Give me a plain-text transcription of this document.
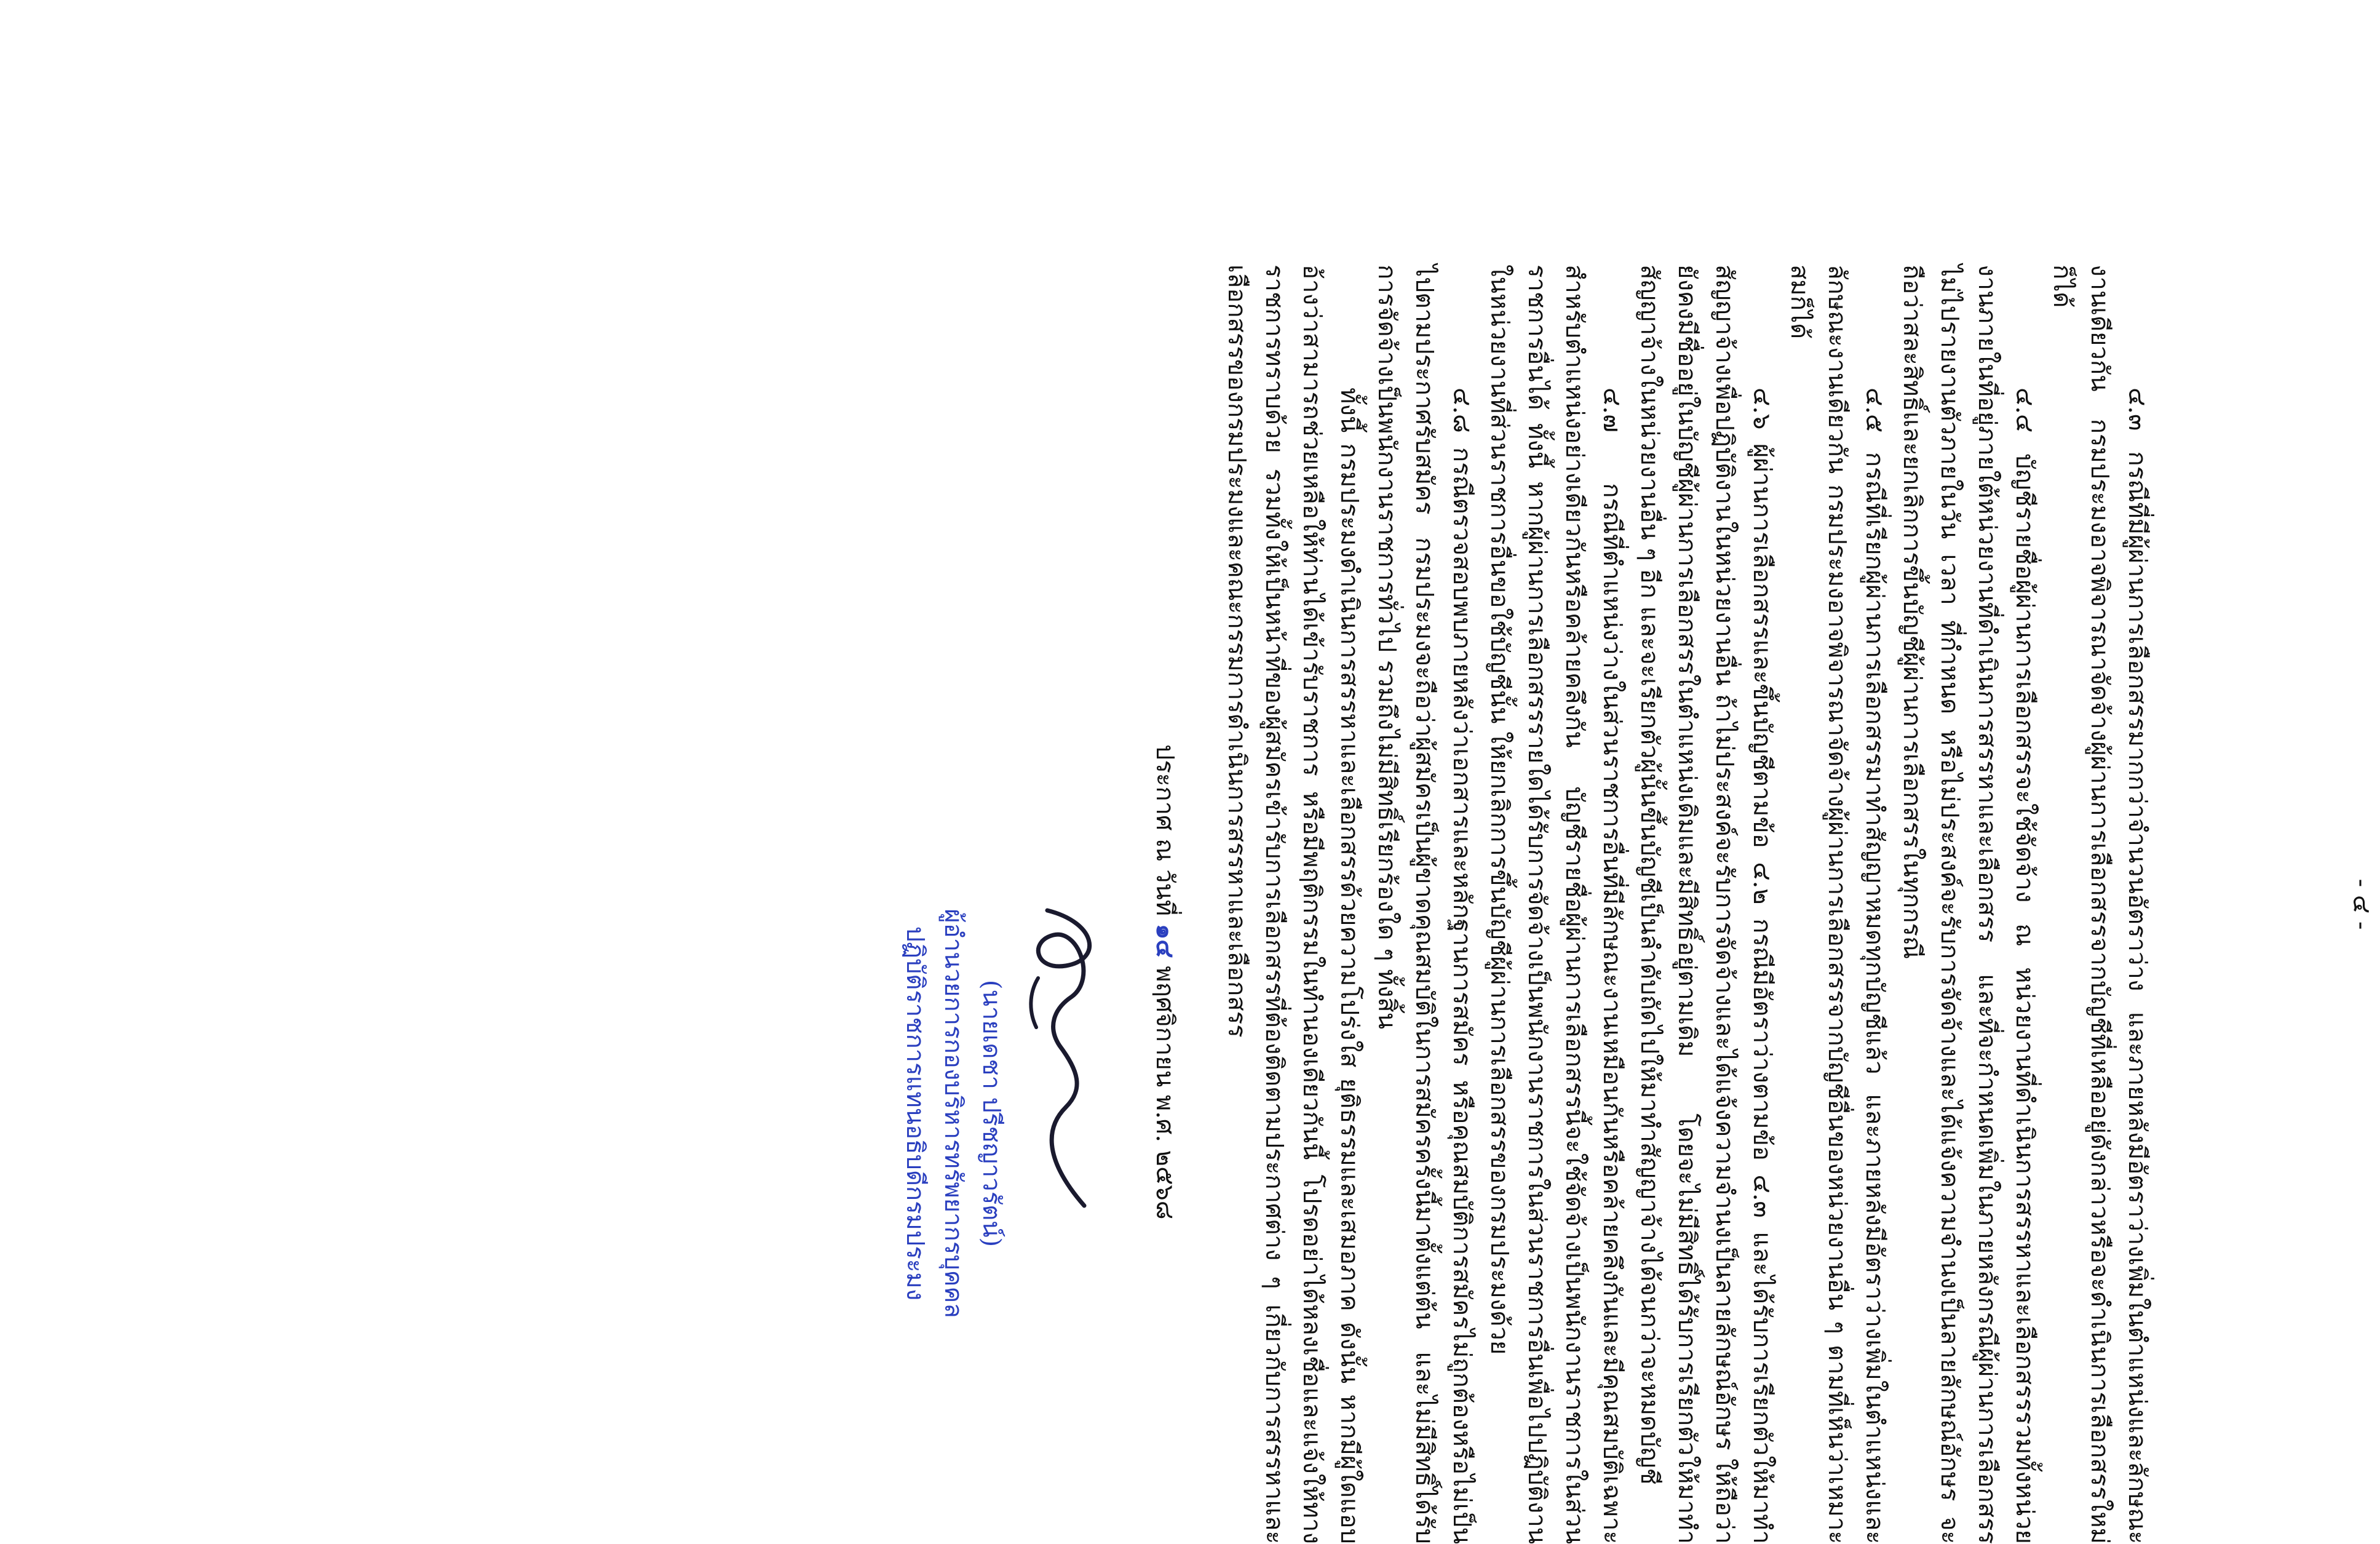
- ๔ -

๔.๓ กรณีที่มีผู้ผ่านการเลือกสรรมากกว่าจำนวนอัตราว่าง และภายหลังมีอัตราว่างเพิ่มในตำแหน่งและลักษณะงานเดียวกัน กรมประมงอาจพิจารณาจัดจ้างผู้ผ่านการเลือกสรรจากบัญชีที่เหลืออยู่ดังกล่าวหรือจะดำเนินการเลือกสรรใหม่ก็ได้

๔.๔ บัญชีรายชื่อผู้ผ่านการเลือกสรรจะใช้จัดจ้าง ณ หน่วยงานที่ดำเนินการสรรหาและเลือกสรรรวมทั้งหน่วยงานภายในที่อยู่ภายใต้หน่วยงานที่ดำเนินการสรรหาและเลือกสรร และที่จะกำหนดเพิ่มในภายหลังกรณีผู้ผ่านการเลือกสรรไม่ไปรายงานตัวภายในวัน เวลา ที่กำหนด หรือไม่ประสงค์จะรับการจัดจ้างและได้แจ้งความจำนงเป็นลายลักษณ์อักษร จะถือว่าสละสิทธิ์และยกเลิกการขึ้นบัญชีผู้ผ่านการเลือกสรรในทุกกรณี

๔.๕ กรณีที่เรียกผู้ผ่านการเลือกสรรมาทำสัญญาหมดทุกบัญชีแล้ว และภายหลังมีอัตราว่างเพิ่มในตำแหน่งและลักษณะงานเดียวกัน กรมประมงอาจพิจารณาจัดจ้างผู้ผ่านการเลือกสรรจากบัญชีอื่นของหน่วยงานอื่น ๆ ตามที่เห็นว่าเหมาะสมก็ได้

๔.๖ ผู้ผ่านการเลือกสรรและขึ้นบัญชีตามข้อ ๔.๒ กรณีมีอัตราว่างตามข้อ ๔.๓ และได้รับการเรียกตัวให้มาทำสัญญาจ้างเพื่อปฏิบัติงานในหน่วยงานอื่น ถ้าไม่ประสงค์จะรับการจัดจ้างและได้แจ้งความจำนงเป็นลายลักษณ์อักษร ให้ถือว่ายังคงมีชื่ออยู่ในบัญชีผู้ผ่านการเลือกสรรในตำแหน่งเดิมและมีสิทธิ์อยู่ตามเดิม โดยจะไม่มีสิทธิ์ได้รับการเรียกตัวให้มาทำสัญญาจ้างในหน่วยงานอื่น ๆ อีก และจะเรียกตัวผู้นั้นขึ้นบัญชีเป็นลำดับถัดไปให้มาทำสัญญาจ้างได้จนกว่าจะหมดบัญชี

๔.๗ กรณีที่ตำแหน่งว่างในส่วนราชการอื่นที่มีลักษณะงานเหมือนกันหรือคล้ายคลึงกันและมีคุณสมบัติเฉพาะสำหรับตำแหน่งอย่างเดียวกันหรือคล้ายคลึงกัน บัญชีรายชื่อผู้ผ่านการเลือกสรรนี้จะใช้จัดจ้างเป็นพนักงานราชการในส่วนราชการอื่นได้ ทั้งนี้ หากผู้ผ่านการเลือกสรรรายใดได้รับการจัดจ้างเป็นพนักงานราชการในส่วนราชการอื่นเพื่อไปปฏิบัติงานในหน่วยงานที่ส่วนราชการอื่นขอใช้บัญชีนั้น ให้ยกเลิกการขึ้นบัญชีผู้ผ่านการเลือกสรรของกรมประมงด้วย

๔.๘ กรณีตรวจสอบพบภายหลังว่าเอกสารและหลักฐานการสมัคร หรือคุณสมบัติการสมัครไม่ถูกต้องหรือไม่เป็นไปตามประกาศรับสมัคร กรมประมงจะถือว่าผู้สมัครเป็นผู้ขาดคุณสมบัติในการสมัครครั้งนี้มาตั้งแต่ต้น และไม่มีสิทธิ์ได้รับการจัดจ้างเป็นพนักงานราชการทั่วไป รวมถึงไม่มีสิทธิ์เรียกร้องใด ๆ ทั้งสิ้น

ทั้งนี้ กรมประมงดำเนินการสรรหาและเลือกสรรด้วยความโปร่งใส ยุติธรรมและเสมอภาค ดังนั้น หากมีผู้ใดแอบอ้างว่าสามารถช่วยเหลือให้ท่านได้เข้ารับราชการ หรือมีพฤติกรรมในทำนองเดียวกันนี้ โปรดอย่าได้หลงเชื่อและแจ้งให้ทางราชการทราบด้วย รวมทั้งให้เป็นหน้าที่ของผู้สมัครเข้ารับการเลือกสรรที่ต้องติดตามประกาศต่าง ๆ เกี่ยวกับการสรรหาและเลือกสรรของกรมประมงและคณะกรรมการดำเนินการสรรหาและเลือกสรร

ประกาศ ณ วันที่ ๑๔ พฤศจิกายน พ.ศ. ๒๕๖๘
(นายเดชา ปรีชญาวรัตน์)
ผู้อำนวยการกองบริหารทรัพยากรบุคคล
ปฏิบัติราชการแทนอธิบดีกรมประมง
